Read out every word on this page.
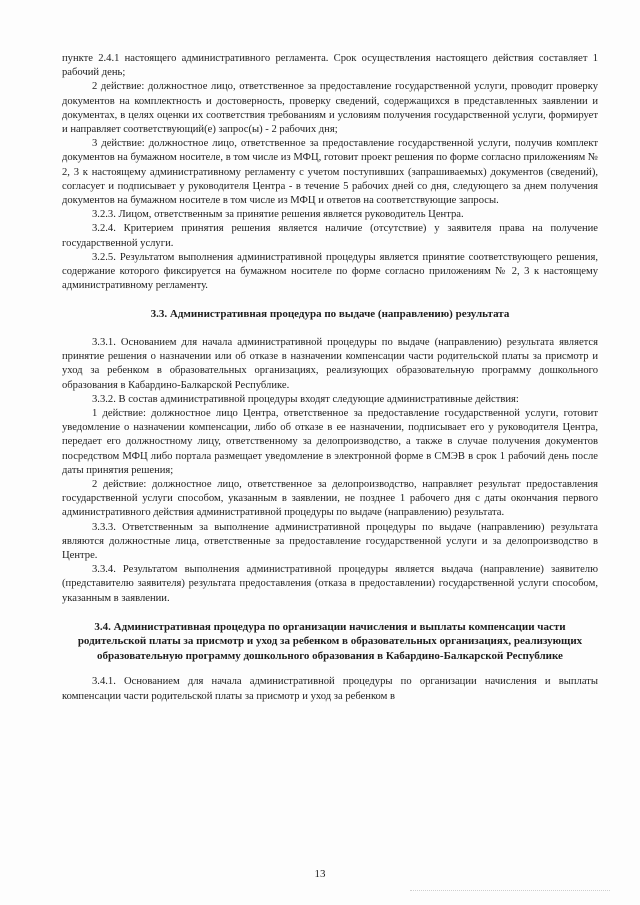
пункте 2.4.1 настоящего административного регламента. Срок осуществления настоящего действия составляет 1 рабочий день;

2 действие: должностное лицо, ответственное за предоставление государственной услуги, проводит проверку документов на комплектность и достоверность, проверку сведений, содержащихся в представленных заявлении и документах, в целях оценки их соответствия требованиям и условиям получения государственной услуги, формирует и направляет соответствующий(е) запрос(ы) - 2 рабочих дня;

3 действие: должностное лицо, ответственное за предоставление государственной услуги, получив комплект документов на бумажном носителе, в том числе из МФЦ, готовит проект решения по форме согласно приложениям № 2, 3 к настоящему административному регламенту с учетом поступивших (запрашиваемых) документов (сведений), согласует и подписывает у руководителя Центра - в течение 5 рабочих дней со дня, следующего за днем получения документов на бумажном носителе в том числе из МФЦ и ответов на соответствующие запросы.

3.2.3. Лицом, ответственным за принятие решения является руководитель Центра.

3.2.4. Критерием принятия решения является наличие (отсутствие) у заявителя права на получение государственной услуги.

3.2.5. Результатом выполнения административной процедуры является принятие соответствующего решения, содержание которого фиксируется на бумажном носителе по форме согласно приложениям № 2, 3 к настоящему административному регламенту.

3.3. Административная процедура по выдаче (направлению) результата

3.3.1. Основанием для начала административной процедуры по выдаче (направлению) результата является принятие решения о назначении или об отказе в назначении компенсации части родительской платы за присмотр и уход за ребенком в образовательных организациях, реализующих образовательную программу дошкольного образования в Кабардино-Балкарской Республике.

3.3.2. В состав административной процедуры входят следующие административные действия:

1 действие: должностное лицо Центра, ответственное за предоставление государственной услуги, готовит уведомление о назначении компенсации, либо об отказе в ее назначении, подписывает его у руководителя Центра, передает его должностному лицу, ответственному за делопроизводство, а также в случае получения документов посредством МФЦ либо портала размещает уведомление в электронной форме в СМЭВ в срок 1 рабочий день после даты принятия решения;

2 действие: должностное лицо, ответственное за делопроизводство, направляет результат предоставления государственной услуги способом, указанным в заявлении, не позднее 1 рабочего дня с даты окончания первого административного действия административной процедуры по выдаче (направлению) результата.

3.3.3. Ответственным за выполнение административной процедуры по выдаче (направлению) результата являются должностные лица, ответственные за предоставление государственной услуги и за делопроизводство в Центре.

3.3.4. Результатом выполнения административной процедуры является выдача (направление) заявителю (представителю заявителя) результата предоставления (отказа в предоставлении) государственной услуги способом, указанным в заявлении.

3.4. Административная процедура по организации начисления и выплаты компенсации части родительской платы за присмотр и уход за ребенком в образовательных организациях, реализующих образовательную программу дошкольного образования в Кабардино-Балкарской Республике

3.4.1. Основанием для начала административной процедуры по организации начисления и выплаты компенсации части родительской платы за присмотр и уход за ребенком в

13
